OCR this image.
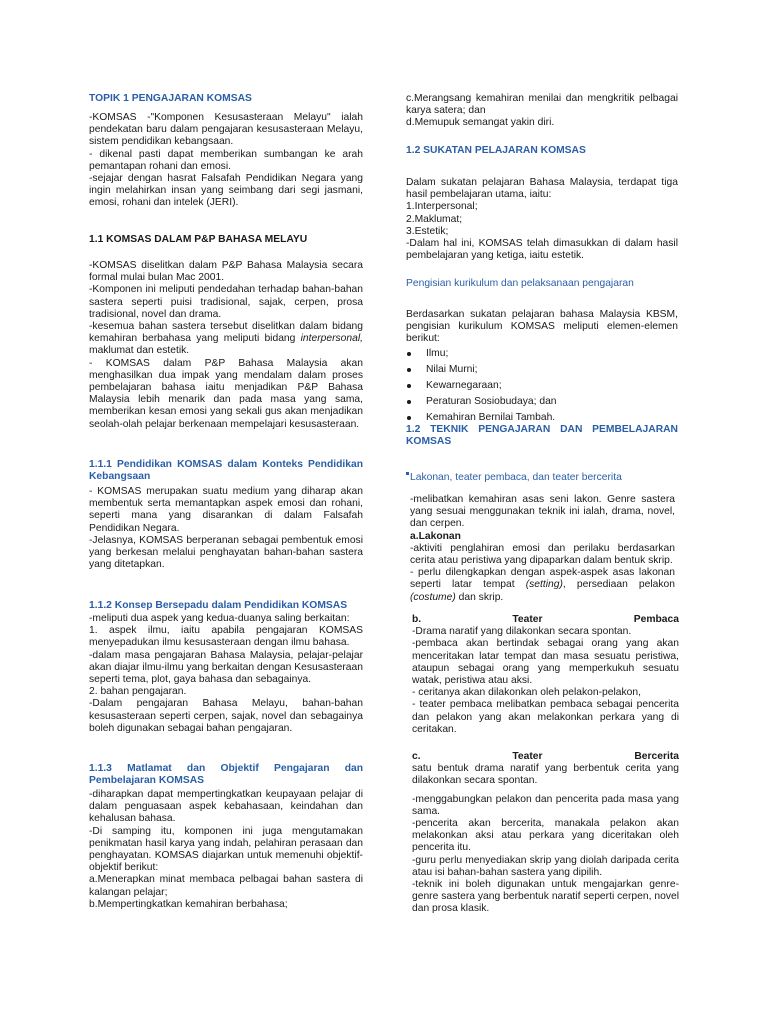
TOPIK 1 PENGAJARAN KOMSAS

-KOMSAS -"Komponen Kesusasteraan Melayu" ialah pendekatan baru dalam pengajaran kesusasteraan Melayu, sistem pendidikan kebangsaan.

- dikenal pasti dapat memberikan sumbangan ke arah pemantapan rohani dan emosi.

-sejajar dengan hasrat Falsafah Pendidikan Negara yang ingin melahirkan insan yang seimbang dari segi jasmani, emosi, rohani dan intelek (JERI).

1.1 KOMSAS DALAM P&P BAHASA MELAYU

-KOMSAS diselitkan dalam P&P Bahasa Malaysia secara formal mulai bulan Mac 2001.

-Komponen ini meliputi pendedahan terhadap bahan-bahan sastera seperti puisi tradisional, sajak, cerpen, prosa tradisional, novel dan drama.

-kesemua bahan sastera tersebut diselitkan dalam bidang kemahiran berbahasa yang meliputi bidang interpersonal, maklumat dan estetik.

- KOMSAS dalam P&P Bahasa Malaysia akan menghasilkan dua impak yang mendalam dalam proses pembelajaran bahasa iaitu menjadikan P&P Bahasa Malaysia lebih menarik dan pada masa yang sama, memberikan kesan emosi yang sekali gus akan menjadikan seolah-olah pelajar berkenaan mempelajari kesusasteraan.

1.1.1 Pendidikan KOMSAS dalam Konteks Pendidikan Kebangsaan

- KOMSAS merupakan suatu medium yang diharap akan membentuk serta memantapkan aspek emosi dan rohani, seperti mana yang disarankan di dalam Falsafah Pendidikan Negara.

-Jelasnya, KOMSAS berperanan sebagai pembentuk emosi yang berkesan melalui penghayatan bahan-bahan sastera yang ditetapkan.

1.1.2 Konsep Bersepadu dalam Pendidikan KOMSAS

-meliputi dua aspek yang kedua-duanya saling berkaitan:

1. aspek ilmu, iaitu apabila pengajaran KOMSAS menyepadukan ilmu kesusasteraan dengan ilmu bahasa.

-dalam masa pengajaran Bahasa Malaysia, pelajar-pelajar akan diajar ilmu-ilmu yang berkaitan dengan Kesusasteraan seperti tema, plot, gaya bahasa dan sebagainya.

2. bahan pengajaran.

-Dalam pengajaran Bahasa Melayu, bahan-bahan kesusasteraan seperti cerpen, sajak, novel dan sebagainya boleh digunakan sebagai bahan pengajaran.

1.1.3 Matlamat dan Objektif Pengajaran dan Pembelajaran KOMSAS

-diharapkan dapat mempertingkatkan keupayaan pelajar di dalam penguasaan aspek kebahasaan, keindahan dan kehalusan bahasa.

-Di samping itu, komponen ini juga mengutamakan penikmatan hasil karya yang indah, pelahiran perasaan dan penghayatan. KOMSAS diajarkan untuk memenuhi objektif-objektif berikut:

a.Menerapkan minat membaca pelbagai bahan sastera di kalangan pelajar;

b.Mempertingkatkan kemahiran berbahasa;

c.Merangsang kemahiran menilai dan mengkritik pelbagai karya satera; dan

d.Memupuk semangat yakin diri.

1.2 SUKATAN PELAJARAN KOMSAS

Dalam sukatan pelajaran Bahasa Malaysia, terdapat tiga hasil pembelajaran utama, iaitu:

1.Interpersonal;

2.Maklumat;

3.Estetik;

-Dalam hal ini, KOMSAS telah dimasukkan di dalam hasil pembelajaran yang ketiga, iaitu estetik.

Pengisian kurikulum dan pelaksanaan pengajaran

Berdasarkan sukatan pelajaran bahasa Malaysia KBSM, pengisian kurikulum KOMSAS meliputi elemen-elemen berikut:

Ilmu;
Nilai Murni;
Kewarnegaraan;
Peraturan Sosiobudaya; dan
Kemahiran Bernilai Tambah.

1.2 TEKNIK PENGAJARAN DAN PEMBELAJARAN KOMSAS

Lakonan, teater pembaca, dan teater bercerita

-melibatkan kemahiran asas seni lakon. Genre sastera yang sesuai menggunakan teknik ini ialah, drama, novel, dan cerpen.

a.Lakonan

-aktiviti penglahiran emosi dan perilaku berdasarkan cerita atau peristiwa yang dipaparkan dalam bentuk skrip.

- perlu dilengkapkan dengan aspek-aspek asas lakonan seperti latar tempat (setting), persediaan pelakon (costume) dan skrip.

b.	Teater	Pembaca

-Drama naratif yang dilakonkan secara spontan.

-pembaca akan bertindak sebagai orang yang akan menceritakan latar tempat dan masa sesuatu peristiwa, ataupun sebagai orang yang memperkukuh sesuatu watak, peristiwa atau aksi.

- ceritanya akan dilakonkan oleh pelakon-pelakon,

- teater pembaca melibatkan pembaca sebagai pencerita dan pelakon yang akan melakonkan perkara yang di ceritakan.

c.	Teater	Bercerita

satu bentuk drama naratif yang berbentuk cerita yang dilakonkan secara spontan.

-menggabungkan pelakon dan pencerita pada masa yang sama.

-pencerita akan bercerita, manakala pelakon akan melakonkan aksi atau perkara yang diceritakan oleh pencerita itu.

-guru perlu menyediakan skrip yang diolah daripada cerita atau isi bahan-bahan sastera yang dipilih.

-teknik ini boleh digunakan untuk mengajarkan genre-genre sastera yang berbentuk naratif seperti cerpen, novel dan prosa klasik.
